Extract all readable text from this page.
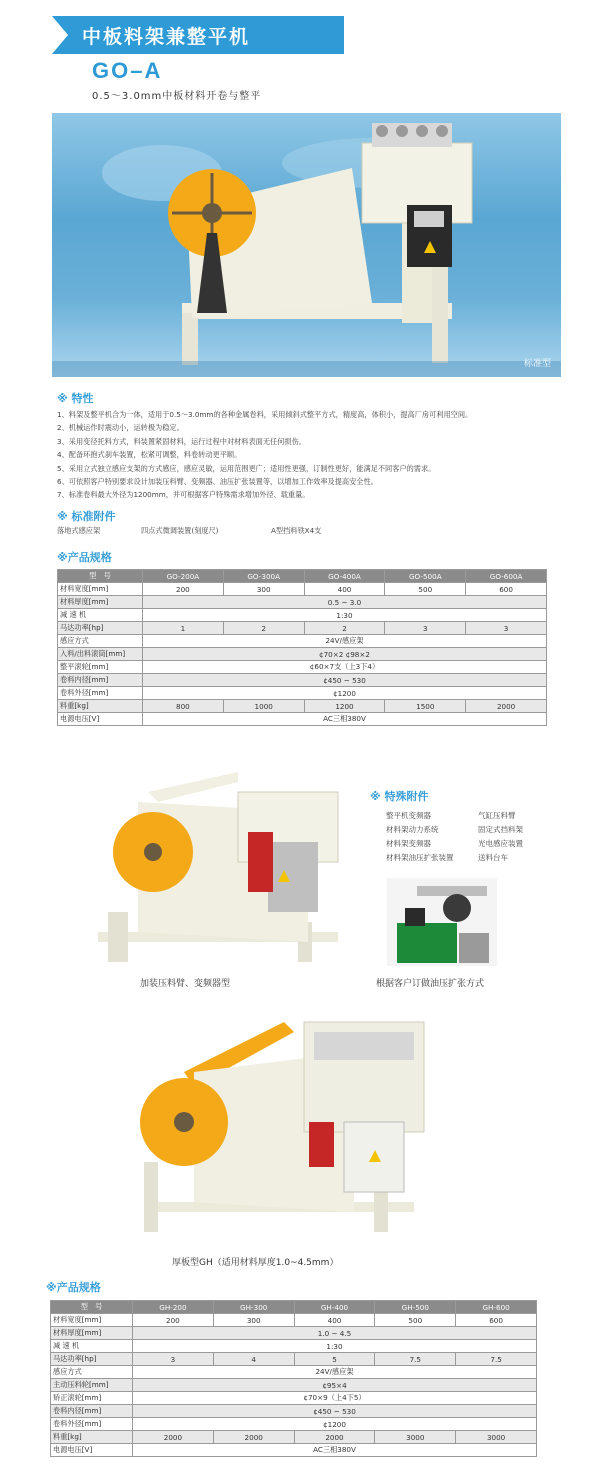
中板料架兼整平机
GO–A
0.5～3.0mm中板材料开卷与整平
标准型
※ 特性
1、料架及整平机合为一体，适用于0.5～3.0mm的各种金属卷料，采用倾斜式整平方式，精度高，体积小，提高厂房可利用空间。
2、机械运作时震动小，运转极为稳定。
3、采用变径托料方式，料装置紧固材料，运行过程中对材料表面无任何损伤。
4、配备环抱式刹车装置，松紧可调整，料卷转动更平顺。
5、采用立式独立感应支架的方式感应，感应灵敏，运用范围更广；适用性更强，订制性更好，能满足不同客户的需求。
6、可依照客户特别要求设计加装压料臂、变频器、油压扩张装置等，以增加工作效率及提高安全性。
7、标准卷料最大外径为1200mm，并可根据客户特殊需求增加外径、载重量。
※ 标准附件
落地式感应架	四点式微调装置(刻度尺)	A型挡料铁X4支
※产品规格
型　号	GO-200A	GO-300A	GO-400A	GO-500A	GO-600A
材料宽度[mm]	200	300	400	500	600
材料厚度[mm]	0.5 ~ 3.0				
减 速 机	1:30				
马达功率[hp]	1	2	2	3	3
感应方式	24V/感应架				
入料/出料滚筒[mm]	¢70×2 ¢98×2				
整平滚轮[mm]	¢60×7支（上3下4）				
卷料内径[mm]	¢450 ~ 530				
卷料外径[mm]	¢1200				
料重[kg]	800	1000	1200	1500	2000
电源电压[V]	AC三相380V				
加装压料臂、变频器型
※ 特殊附件
整平机变频器
材料架动力系统
材料架变频器
材料架油压扩张装置
气缸压料臂
固定式挡料架
光电感应装置
送料台车
根据客户订做油压扩张方式
厚板型GH（适用材料厚度1.0~4.5mm）
※产品规格
型　号	GH-200	GH-300	GH-400	GH-500	GH-600
材料宽度[mm]	200	300	400	500	600
材料厚度[mm]	1.0 ~ 4.5				
减 速 机	1:30				
马达功率[hp]	3	4	5	7.5	7.5
感应方式	24V/感应架				
主动压料轮[mm]	¢95×4				
矫正滚轮[mm]	¢70×9（上4下5）				
卷料内径[mm]	¢450 ~ 530				
卷料外径[mm]	¢1200				
料重[kg]	2000	2000	2000	3000	3000
电源电压[V]	AC三相380V				
